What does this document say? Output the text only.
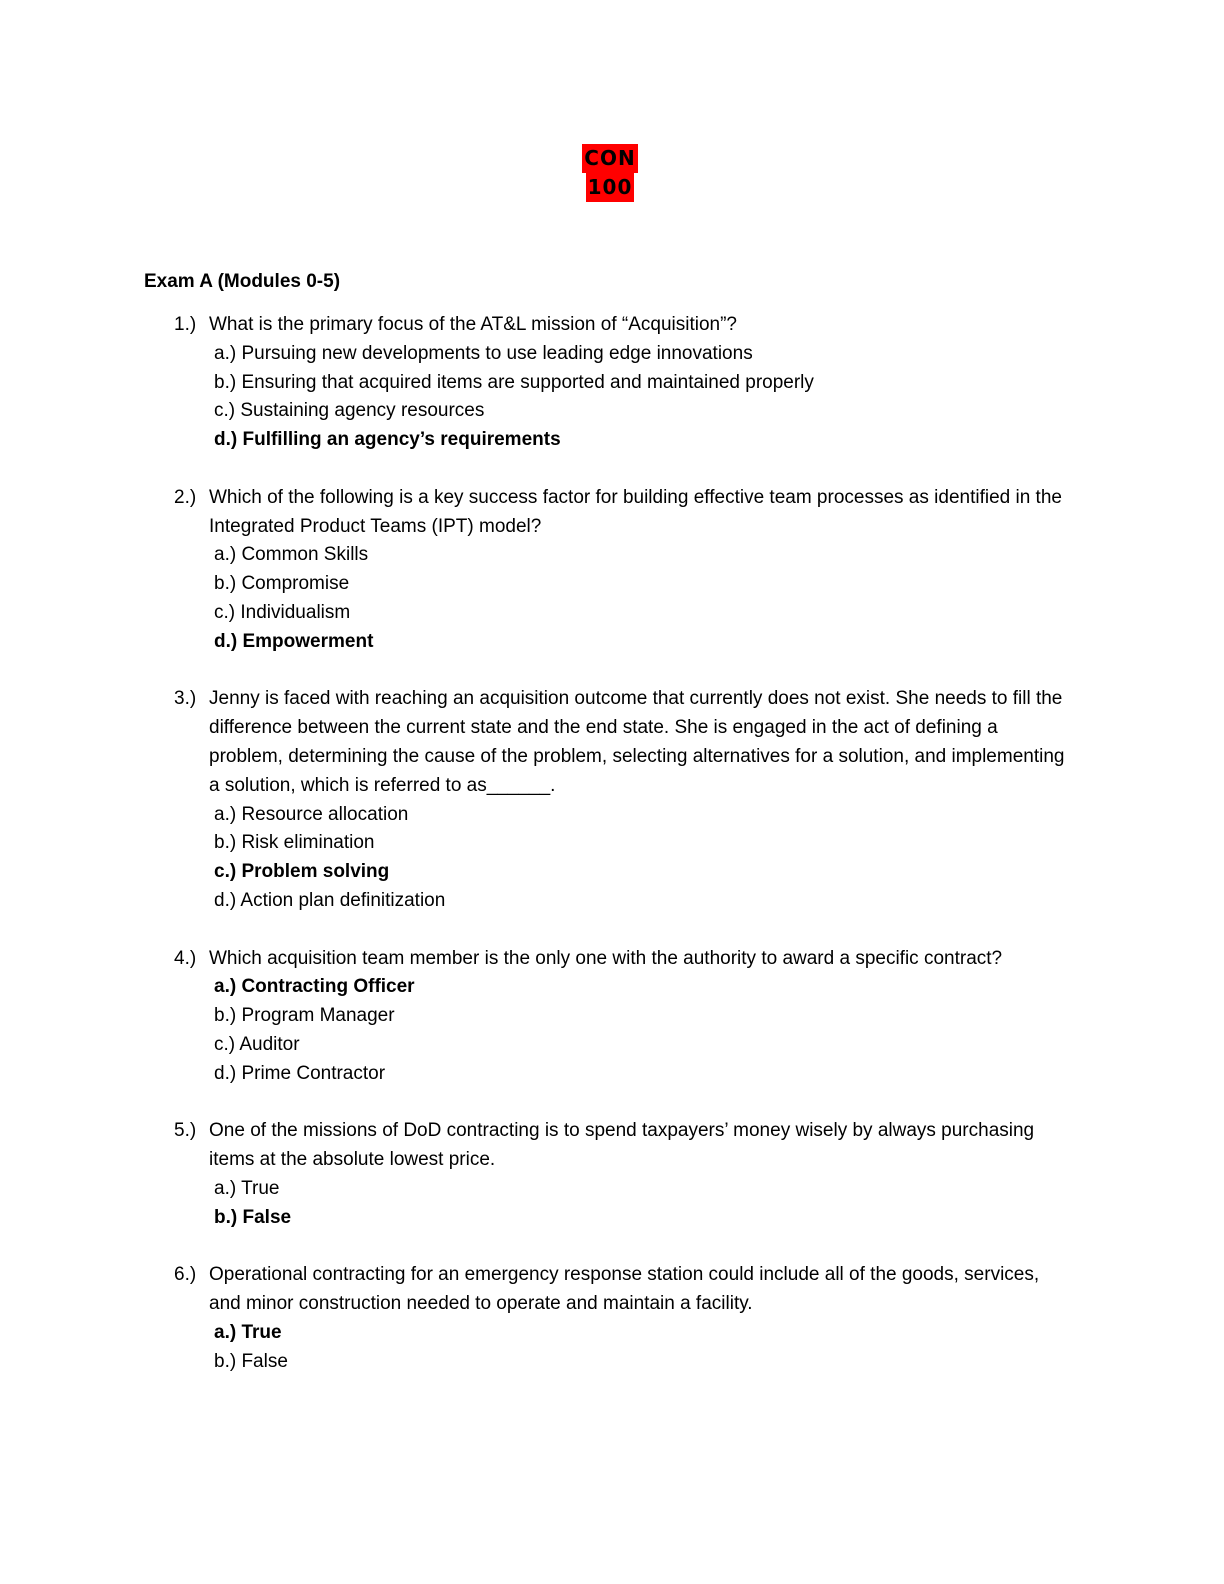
CON
100
Exam A (Modules 0-5)
1.) What is the primary focus of the AT&L mission of “Acquisition”?
a.) Pursuing new developments to use leading edge innovations
b.) Ensuring that acquired items are supported and maintained properly
c.) Sustaining agency resources
d.) Fulfilling an agency’s requirements
2.) Which of the following is a key success factor for building effective team processes as identified in the Integrated Product Teams (IPT) model?
a.) Common Skills
b.) Compromise
c.) Individualism
d.) Empowerment
3.) Jenny is faced with reaching an acquisition outcome that currently does not exist. She needs to fill the difference between the current state and the end state. She is engaged in the act of defining a problem, determining the cause of the problem, selecting alternatives for a solution, and implementing a solution, which is referred to as______.
a.) Resource allocation
b.) Risk elimination
c.) Problem solving
d.) Action plan definitization
4.) Which acquisition team member is the only one with the authority to award a specific contract?
a.) Contracting Officer
b.) Program Manager
c.) Auditor
d.) Prime Contractor
5.) One of the missions of DoD contracting is to spend taxpayers’ money wisely by always purchasing items at the absolute lowest price.
a.) True
b.) False
6.) Operational contracting for an emergency response station could include all of the goods, services, and minor construction needed to operate and maintain a facility.
a.) True
b.) False
